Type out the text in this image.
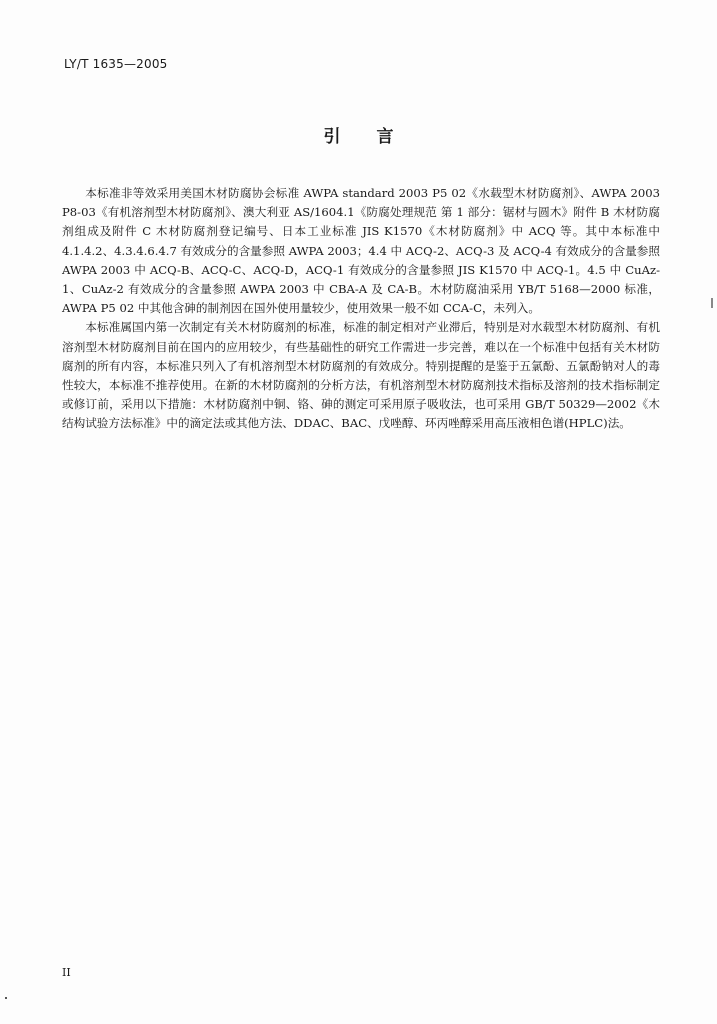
LY/T 1635—2005
引言

本标准非等效采用美国木材防腐协会标准 AWPA standard 2003 P5 02《水载型木材防腐剂》、AWPA 2003 P8-03《有机溶剂型木材防腐剂》、澳大利亚 AS/1604.1《防腐处理规范 第 1 部分：锯材与圆木》附件 B 木材防腐剂组成及附件 C 木材防腐剂登记编号、日本工业标准 JIS K1570《木材防腐剂》中 ACQ 等。其中本标准中 4.1.4.2、4.3.4.6.4.7 有效成分的含量参照 AWPA 2003；4.4 中 ACQ-2、ACQ-3 及 ACQ-4 有效成分的含量参照 AWPA 2003 中 ACQ-B、ACQ-C、ACQ-D，ACQ-1 有效成分的含量参照 JIS K1570 中 ACQ-1。4.5 中 CuAz-1、CuAz-2 有效成分的含量参照 AWPA 2003 中 CBA-A 及 CA-B。木材防腐油采用 YB/T 5168—2000 标准，AWPA P5 02 中其他含砷的制剂因在国外使用量较少，使用效果一般不如 CCA-C，未列入。

本标准属国内第一次制定有关木材防腐剂的标准，标准的制定相对产业滞后，特别是对水载型木材防腐剂、有机溶剂型木材防腐剂目前在国内的应用较少，有些基础性的研究工作需进一步完善，难以在一个标准中包括有关木材防腐剂的所有内容，本标准只列入了有机溶剂型木材防腐剂的有效成分。特别提醒的是鉴于五氯酚、五氯酚钠对人的毒性较大，本标准不推荐使用。在新的木材防腐剂的分析方法，有机溶剂型木材防腐剂技术指标及溶剂的技术指标制定或修订前，采用以下措施：木材防腐剂中铜、铬、砷的测定可采用原子吸收法，也可采用 GB/T 50329—2002《木结构试验方法标准》中的滴定法或其他方法、DDAC、BAC、戊唑醇、环丙唑醇采用高压液相色谱(HPLC)法。

II
